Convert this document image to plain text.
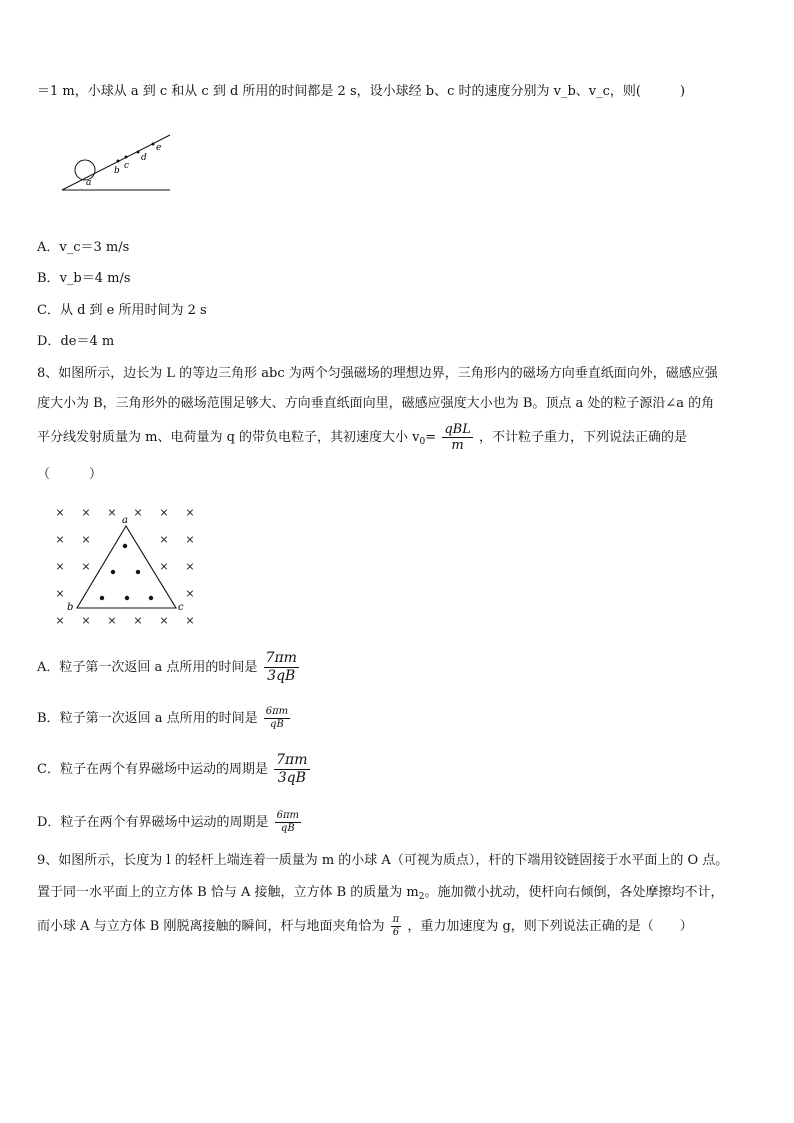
＝1 m，小球从 a 到 c 和从 c 到 d 所用的时间都是 2 s，设小球经 b、c 时的速度分别为 v_b、v_c，则(　　　)
a
b c
d
e
A．v_c＝3 m/s
B．v_b＝4 m/s
C．从 d 到 e 所用时间为 2 s
D．de＝4 m
8、如图所示，边长为 L 的等边三角形 abc 为两个匀强磁场的理想边界，三角形内的磁场方向垂直纸面向外，磁感应强
度大小为 B，三角形外的磁场范围足够大、方向垂直纸面向里，磁感应强度大小也为 B。顶点 a 处的粒子源沿∠a 的角
平分线发射质量为 m、电荷量为 q 的带负电粒子，其初速度大小 $v_0= \frac{\text{qBL}}{m}$ ，不计粒子重力，下列说法正确的是
（　　　）
× × × × × ×
× ×	× ×
× ×	× ×
×	×
× × × × × ×
a
b	c
A．粒子第一次返回 a 点所用的时间是 $\frac{7\pi m}{3qB}$
B．粒子第一次返回 a 点所用的时间是 $\frac{6\pi m}{qB}$
C．粒子在两个有界磁场中运动的周期是 $\frac{7\pi m}{3qB}$
D．粒子在两个有界磁场中运动的周期是 $\frac{6\pi m}{qB}$
9、如图所示，长度为 l 的轻杆上端连着一质量为 m 的小球 A（可视为质点），杆的下端用铰链固接于水平面上的 O 点。
置于同一水平面上的立方体 B 恰与 A 接触，立方体 B 的质量为 $m_2$。施加微小扰动，使杆向右倾倒，各处摩擦均不计，
而小球 A 与立方体 B 刚脱离接触的瞬间，杆与地面夹角恰为 $\frac{\pi}{6}$ ，重力加速度为 g，则下列说法正确的是（　　）
